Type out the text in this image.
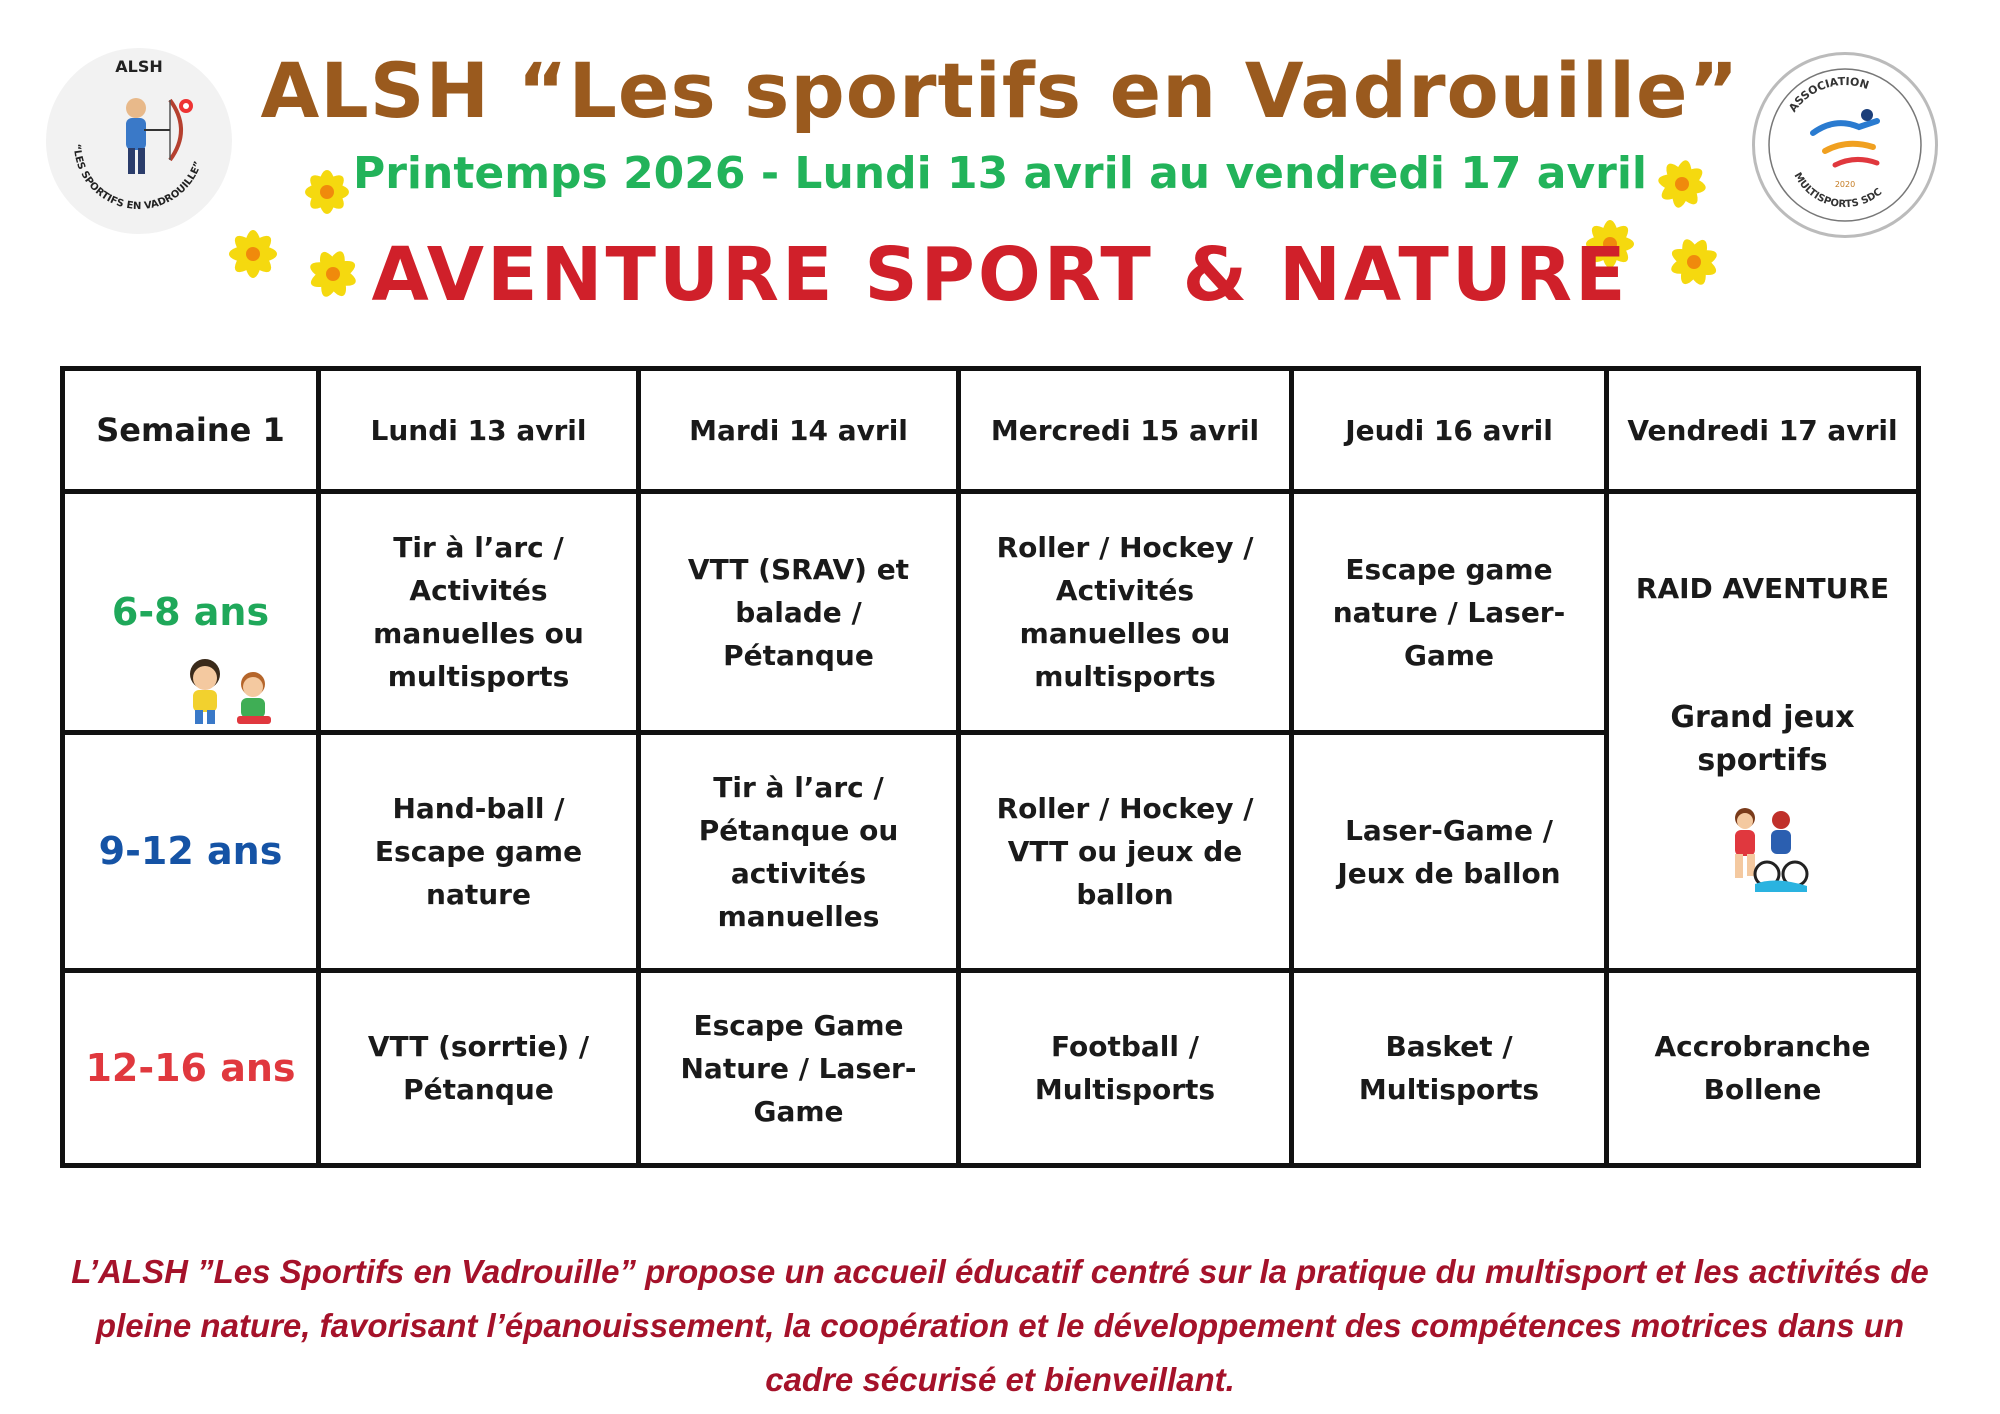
ALSH
“LES SPORTIFS EN VADROUILLE”
ASSOCIATION
MULTISPORTS SDC
2020
ALSH “Les sportifs en Vadrouille”
Printemps 2026 - Lundi 13 avril au vendredi 17 avril
AVENTURE SPORT & NATURE
Semaine 1	Lundi 13 avril	Mardi 14 avril	Mercredi 15 avril	Jeudi 16 avril	Vendredi 17 avril
6-8 ans	Tir à l’arc / Activités manuelles ou multisports	VTT (SRAV) et balade / Pétanque	Roller / Hockey / Activités manuelles ou multisports	Escape game nature / Laser-Game	RAID AVENTURE
Grand jeux sportifs

9-12 ans	Hand-ball / Escape game nature	Tir à l’arc / Pétanque ou activités manuelles	Roller / Hockey / VTT ou jeux de ballon	Laser-Game / Jeux de ballon	
12-16 ans	VTT (sorrtie) / Pétanque	Escape Game Nature / Laser-Game	Football / Multisports	Basket / Multisports	Accrobranche Bollene

L’ALSH ”Les Sportifs en Vadrouille” propose un accueil éducatif centré sur la pratique du multisport et les activités de pleine nature, favorisant l’épanouissement, la coopération et le développement des compétences motrices dans un cadre sécurisé et bienveillant.
